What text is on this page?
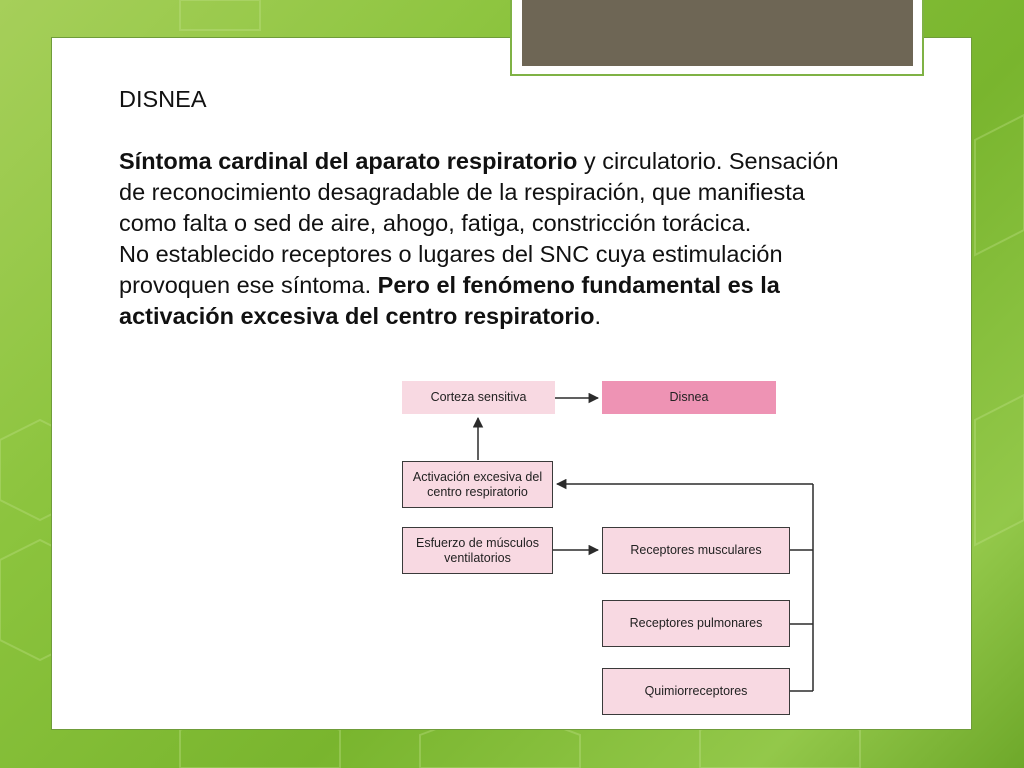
DISNEA

Síntoma cardinal del aparato respiratorio y circulatorio. Sensación de reconocimiento desagradable de la respiración, que manifiesta como falta o sed de aire, ahogo, fatiga, constricción torácica.

No establecido receptores o lugares del SNC cuya estimulación provoquen ese síntoma. Pero el fenómeno fundamental es la activación excesiva del centro respiratorio.

Corteza sensitiva	Disnea
Activación excesiva del centro respiratorio
Esfuerzo de músculos ventilatorios
Receptores musculares
Receptores pulmonares
Quimiorreceptores
